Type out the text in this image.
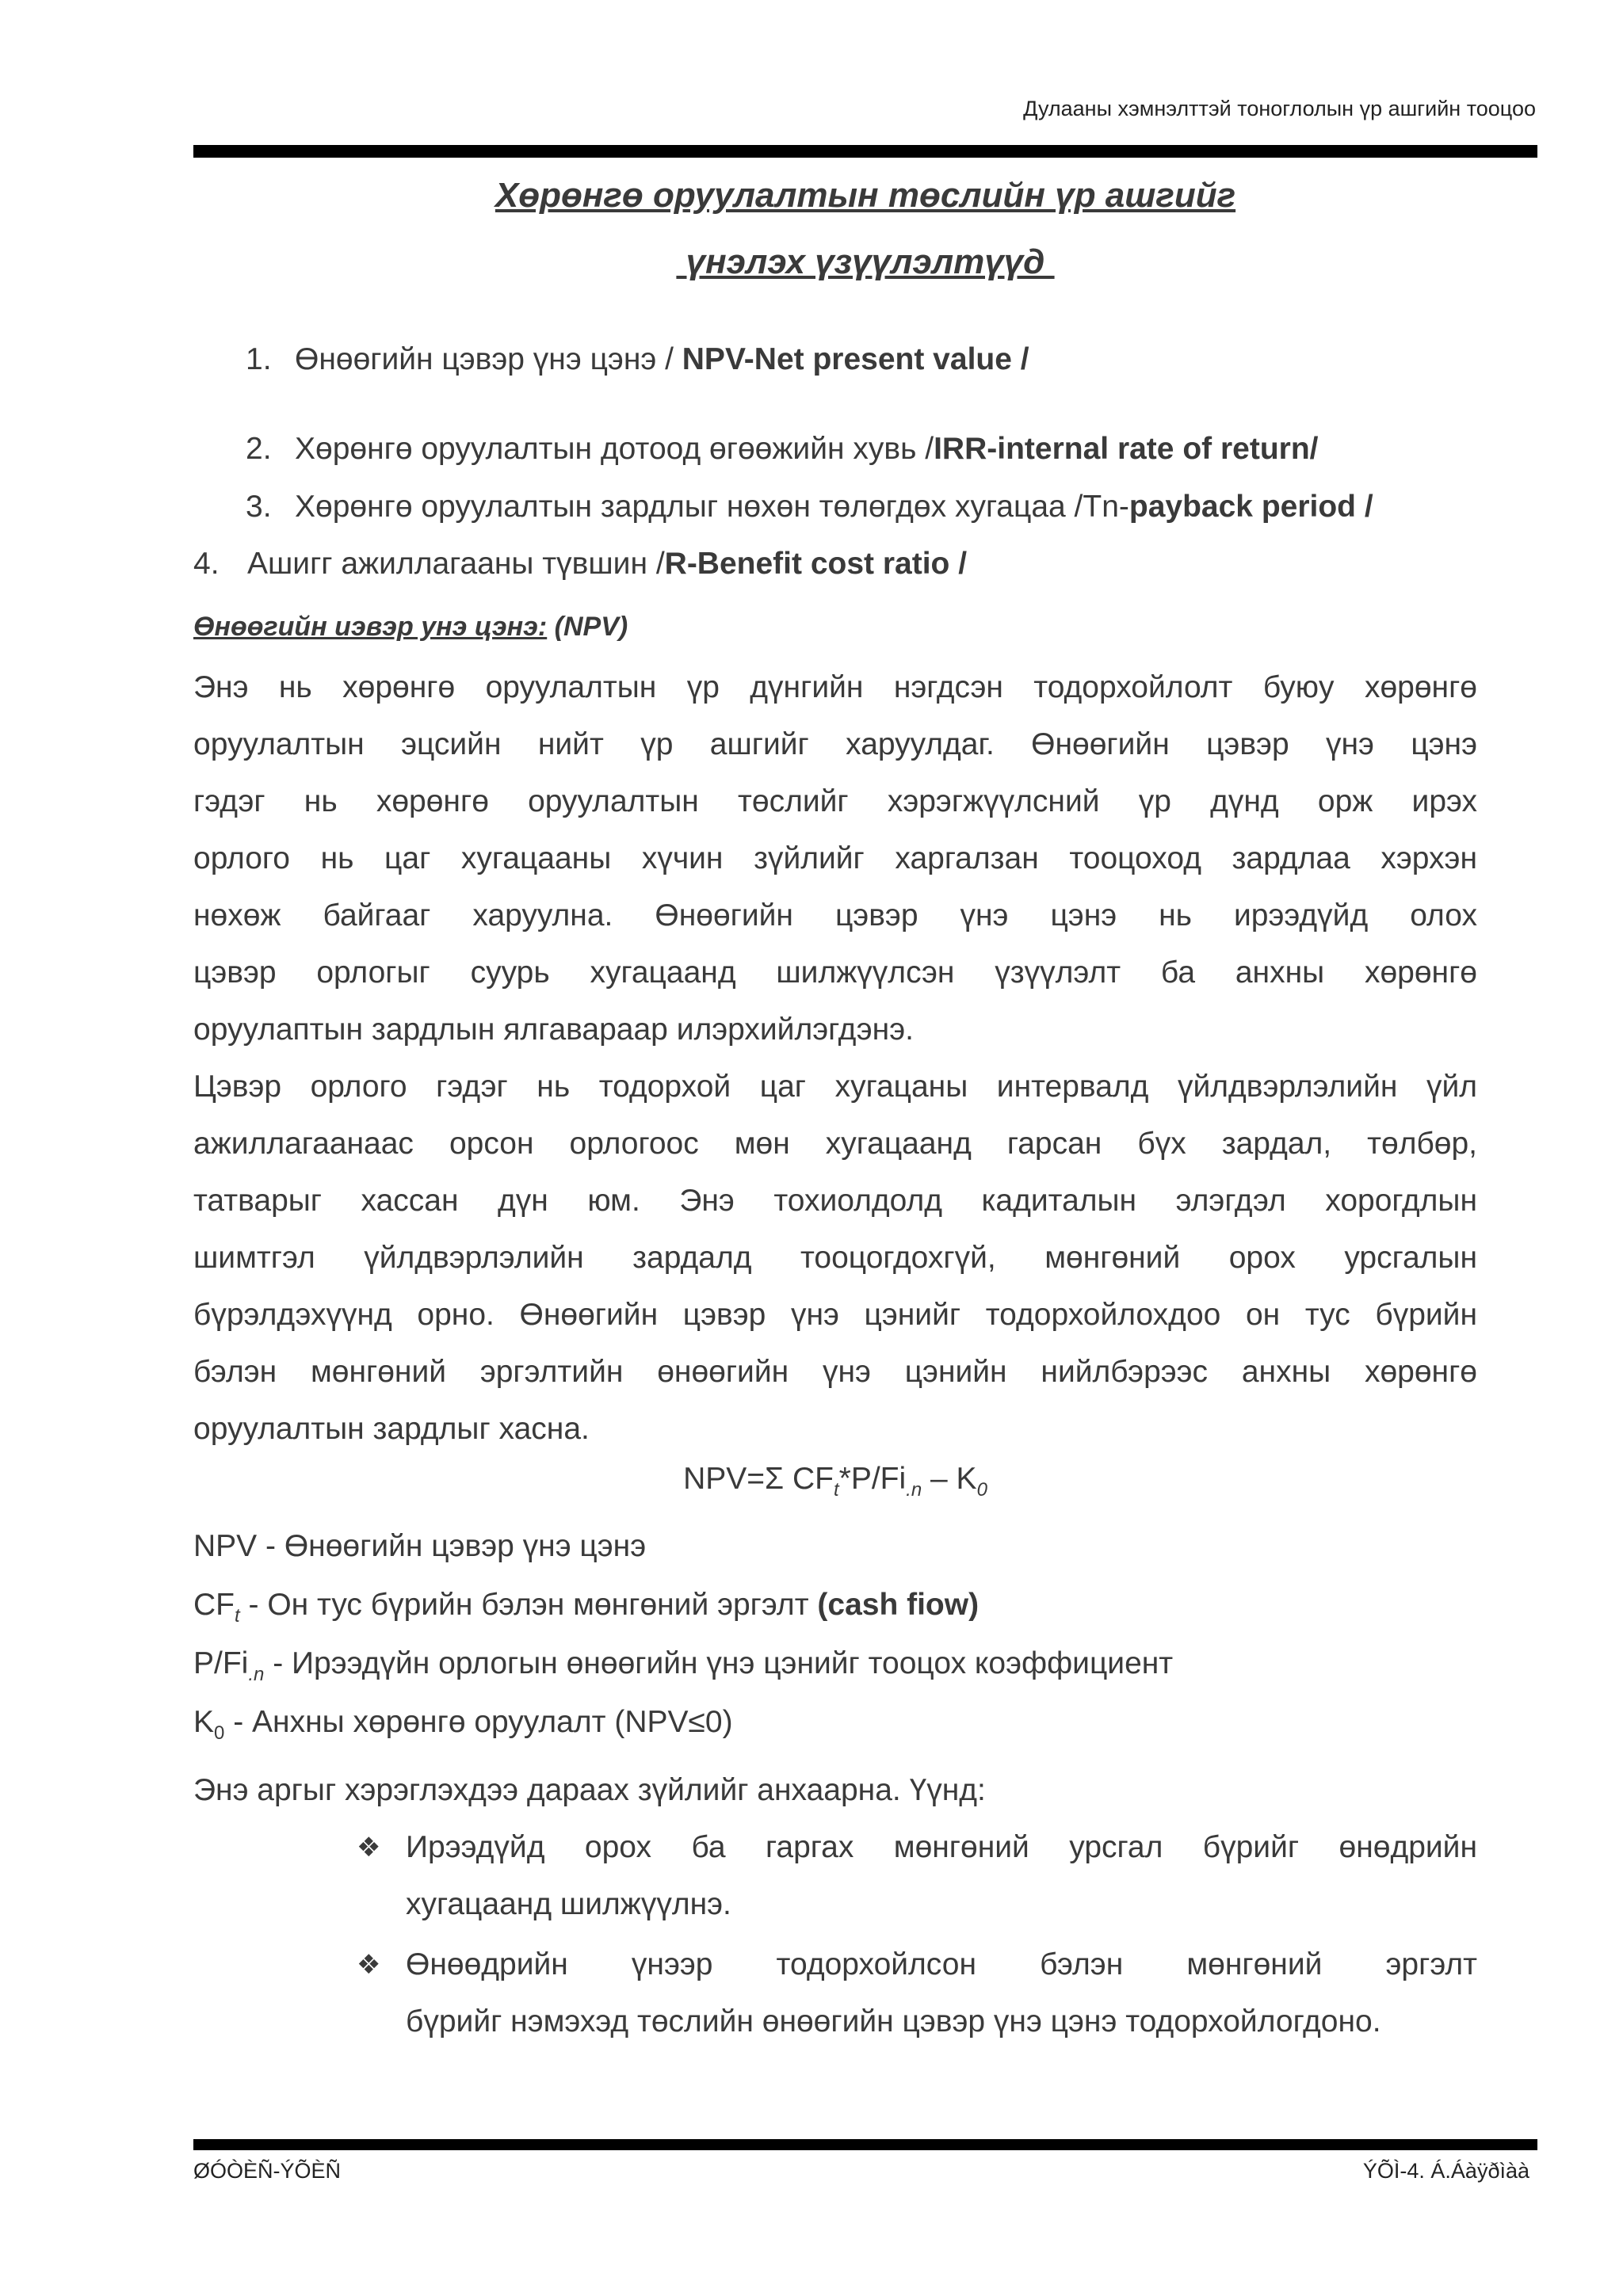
Дулааны хэмнэлттэй тоноглолын үр ашгийн тооцоо
Хөрөнгө оруулалтын төслийн үр ашгийг
үнэлэх үзүүлэлтүүд
1. Өнөөгийн цэвэр үнэ цэнэ / NPV-Net present value /
2. Хөрөнгө оруулалтын дотоод өгөөжийн хувь /IRR-internal rate of return/
3. Хөрөнгө оруулалтын зардлыг нөхөн төлөгдөх хугацаа /Tn-payback period /
4. Ашигг ажиллагааны түвшин /R-Benefit cost ratio /
Өнөөгийн иэвэр унэ цэнэ: (NPV)
Энэ нь хөрөнгө оруулалтын үр дүнгийн нэгдсэн тодорхойлолт буюу хөрөнгө
оруулалтын эцсийн нийт үр ашгийг харуулдаг. Өнөөгийн цэвэр үнэ цэнэ
гэдэг нь хөрөнгө оруулалтын төслийг хэрэгжүүлсний үр дүнд орж ирэх
орлого нь цаг хугацааны хүчин зүйлийг харгалзан тооцоход зардлаа хэрхэн
нөхөж байгааг харуулна. Өнөөгийн цэвэр үнэ цэнэ нь ирээдүйд олох
цэвэр орлогыг суурь хугацаанд шилжүүлсэн үзүүлэлт ба анхны хөрөнгө
оруулаптын зардлын ялгавараар илэрхийлэгдэнэ.
Цэвэр орлого гэдэг нь тодорхой цаг хугацаны интервалд үйлдвэрлэлийн үйл
ажиллагаанаас орсон орлогоос мөн хугацаанд гарсан бүх зардал, төлбөр,
татварыг хассан дүн юм. Энэ тохиолдолд кадиталын элэгдэл хорогдлын
шимтгэл үйлдвэрлэлийн зардалд тооцогдохгүй, мөнгөний орох урсгалын
бүрэлдэхүүнд орно. Өнөөгийн цэвэр үнэ цэнийг тодорхойлохдоо он тус бүрийн
бэлэн мөнгөний эргэлтийн өнөөгийн үнэ цэнийн нийлбэрээс анхны хөрөнгө
оруулалтын зардлыг хасна.
NPV=Σ $CF_t*P/Fi_{.n} - K_0$
NPV - Өнөөгийн цэвэр үнэ цэнэ
$CF_t$ - Он тус бүрийн бэлэн мөнгөний эргэлт (cash fiow)
$P/Fi_{.n}$ - Ирээдүйн орлогын өнөөгийн үнэ цэнийг тооцох коэффициент
$K_0$ - Анхны хөрөнгө оруулалт (NPV≤0)
Энэ аргыг хэрэглэхдээ дараах зүйлийг анхаарна. Үүнд:
❖ Ирээдүйд орох ба гаргах мөнгөний урсгал бүрийг өнөдрийн
хугацаанд шилжүүлнэ.
❖ Өнөөдрийн үнээр тодорхойлсон бэлэн мөнгөний эргэлт
бүрийг нэмэхэд төслийн өнөөгийн цэвэр үнэ цэнэ тодорхойлогдоно.
ØÓÒÈÑ-ÝÕÈÑ	ÝÕÌ-4. Á.Áàÿðìàà
